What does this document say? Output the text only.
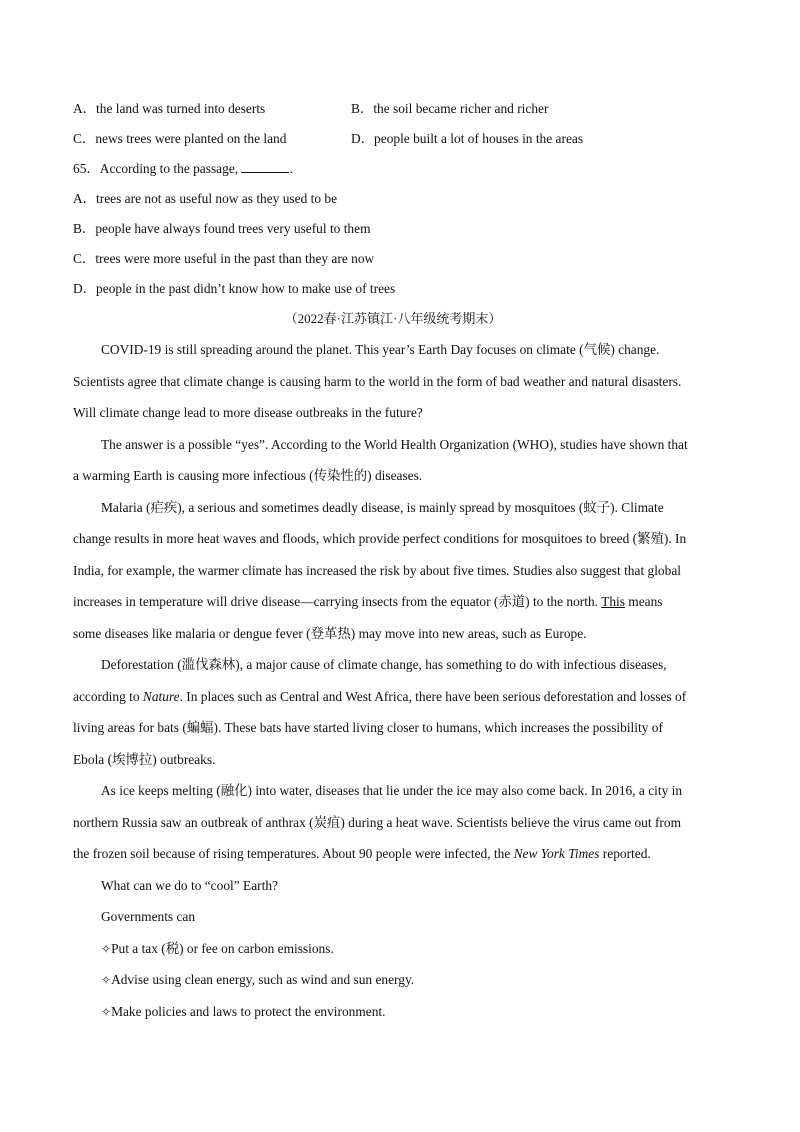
A．the land was turned into deserts	B．the soil became richer and richer
C．news trees were planted on the land	D．people built a lot of houses in the areas
65．According to the passage,	.
A．trees are not as useful now as they used to be
B．people have always found trees very useful to them
C．trees were more useful in the past than they are now
D．people in the past didn’t know how to make use of trees
（2022春·江苏镇江·八年级统考期末）
COVID-19 is still spreading around the planet. This year’s Earth Day focuses on climate (气候) change.
Scientists agree that climate change is causing harm to the world in the form of bad weather and natural disasters.
Will climate change lead to more disease outbreaks in the future?
The answer is a possible “yes”. According to the World Health Organization (WHO), studies have shown that
a warming Earth is causing more infectious (传染性的) diseases.
Malaria (疟疾), a serious and sometimes deadly disease, is mainly spread by mosquitoes (蚊子). Climate
change results in more heat waves and floods, which provide perfect conditions for mosquitoes to breed (繁殖). In
India, for example, the warmer climate has increased the risk by about five times. Studies also suggest that global
increases in temperature will drive disease—carrying insects from the equator (赤道) to the north. This means
some diseases like malaria or dengue fever (登革热) may move into new areas, such as Europe.
Deforestation (滥伐森林), a major cause of climate change, has something to do with infectious diseases,
according to Nature. In places such as Central and West Africa, there have been serious deforestation and losses of
living areas for bats (蝙蝠). These bats have started living closer to humans, which increases the possibility of
Ebola (埃博拉) outbreaks.
As ice keeps melting (融化) into water, diseases that lie under the ice may also come back. In 2016, a city in
northern Russia saw an outbreak of anthrax (炭疽) during a heat wave. Scientists believe the virus came out from
the frozen soil because of rising temperatures. About 90 people were infected, the New York Times reported.
What can we do to “cool” Earth?
Governments can
✧Put a tax (税) or fee on carbon emissions.
✧Advise using clean energy, such as wind and sun energy.
✧Make policies and laws to protect the environment.
